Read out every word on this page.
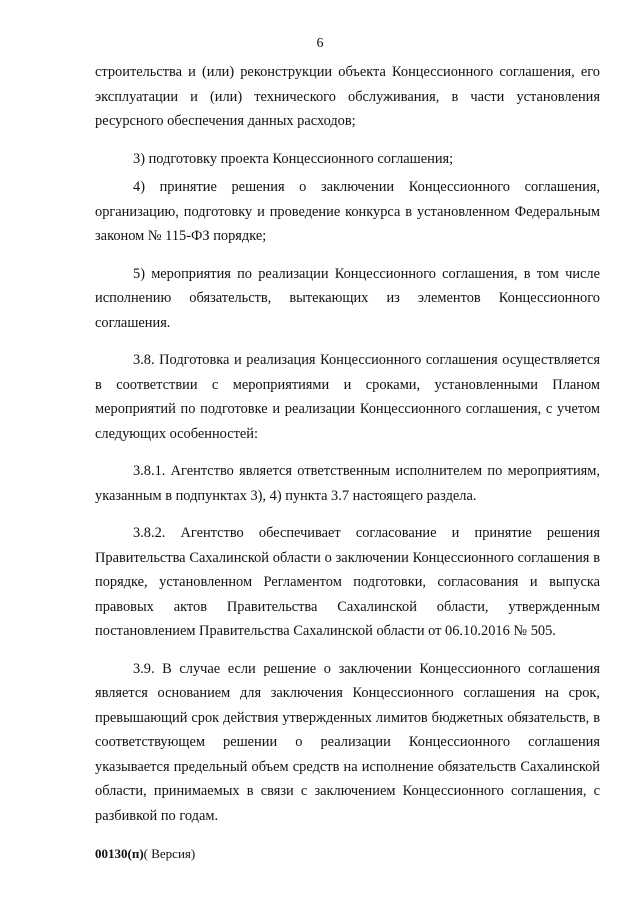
6

строительства и (или) реконструкции объекта Концессионного соглашения, его эксплуатации и (или) технического обслуживания, в части установления ресурсного обеспечения данных расходов;

3) подготовку проекта Концессионного соглашения;

4) принятие решения о заключении Концессионного соглашения, организацию, подготовку и проведение конкурса в установленном Федеральным законом № 115-ФЗ порядке;

5) мероприятия по реализации Концессионного соглашения, в том числе исполнению обязательств, вытекающих из элементов Концессионного соглашения.

3.8. Подготовка и реализация Концессионного соглашения осуществляется в соответствии с мероприятиями и сроками, установленными Планом мероприятий по подготовке и реализации Концессионного соглашения, с учетом следующих особенностей:

3.8.1. Агентство является ответственным исполнителем по мероприятиям, указанным в подпунктах 3), 4) пункта 3.7 настоящего раздела.

3.8.2. Агентство обеспечивает согласование и принятие решения Правительства Сахалинской области о заключении Концессионного соглашения в порядке, установленном Регламентом подготовки, согласования и выпуска правовых актов Правительства Сахалинской области, утвержденным постановлением Правительства Сахалинской области от 06.10.2016 № 505.

3.9. В случае если решение о заключении Концессионного соглашения является основанием для заключения Концессионного соглашения на срок, превышающий срок действия утвержденных лимитов бюджетных обязательств, в соответствующем решении о реализации Концессионного соглашения указывается предельный объем средств на исполнение обязательств Сахалинской области, принимаемых в связи с заключением Концессионного соглашения, с разбивкой по годам.

00130(п)( Версия)
